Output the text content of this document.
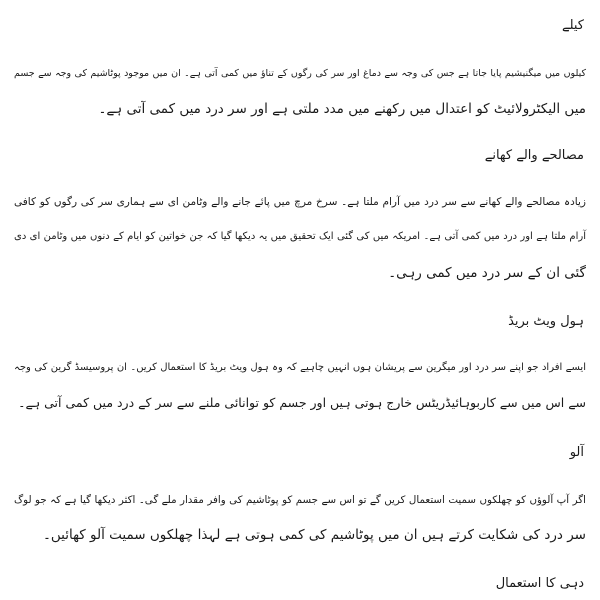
کیلے
کیلوں میں میگنیشیم پایا جاتا ہے جس کی وجہ سے دماغ اور سر کی رگوں کے تناؤ میں کمی آتی ہے۔ ان میں موجود پوٹاشیم کی وجہ سے جسم
میں الیکٹرولائیٹ کو اعتدال میں رکھنے میں مدد ملتی ہے اور سر درد میں کمی آتی ہے۔
مصالحے والے کھانے
زیادہ مصالحے والے کھانے سے سر درد میں آرام ملتا ہے۔ سرخ مرچ میں پائے جانے والے وٹامن ای سے ہماری سر کی رگوں کو کافی
آرام ملتا ہے اور درد میں کمی آتی ہے۔ امریکہ میں کی گئی ایک تحقیق میں یہ دیکھا گیا کہ جن خواتین کو ایام کے دنوں میں وٹامن ای دی
گئی ان کے سر درد میں کمی رہی۔
ہول ویٹ بریڈ
ایسے افراد جو اپنے سر درد اور میگرین سے پریشان ہوں انہیں چاہیے کہ وہ ہول ویٹ بریڈ کا استعمال کریں۔ ان پروسیسڈ گرین کی وجہ
سے اس میں سے کاربوہائیڈریٹس خارج ہوتی ہیں اور جسم کو توانائی ملنے سے سر کے درد میں کمی آتی ہے۔
آلو
اگر آپ آلوؤں کو چھلکوں سمیت استعمال کریں گے تو اس سے جسم کو پوٹاشیم کی وافر مقدار ملے گی۔ اکثر دیکھا گیا ہے کہ جو لوگ
سر درد کی شکایت کرتے ہیں ان میں پوٹاشیم کی کمی ہوتی ہے لہذا چھلکوں سمیت آلو کھائیں۔
دہی کا استعمال
